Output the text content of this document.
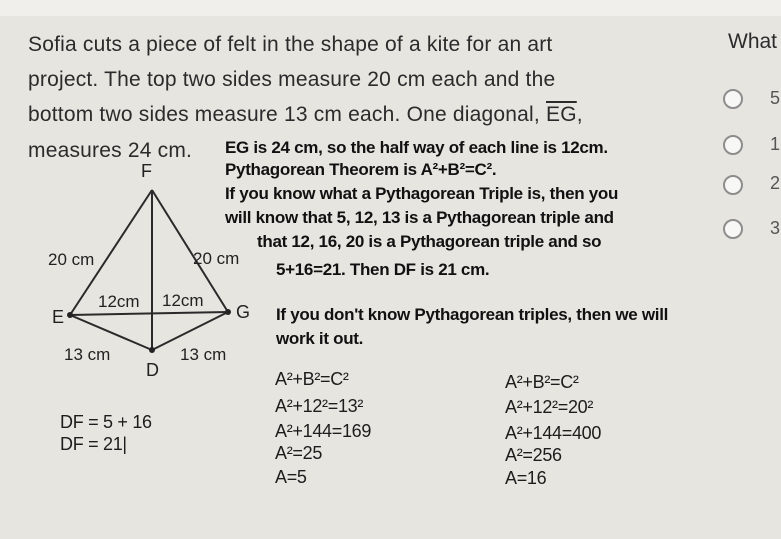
Sofia cuts a piece of felt in the shape of a kite for an art
project. The top two sides measure 20 cm each and the
bottom two sides measure 13 cm each. One diagonal, $\overline{EG}$,
measures 24 cm.
What
5
1
2
3
F
E	G
D
20 cm	20 cm
13 cm	13 cm
12cm 12cm
EG is 24 cm, so the half way of each line is 12cm.
Pythagorean Theorem is A²+B²=C².
If you know what a Pythagorean Triple is, then you
will know that 5, 12, 13 is a Pythagorean triple and
that 12, 16, 20 is a Pythagorean triple and so
5+16=21. Then DF is 21 cm.
If you don't know Pythagorean triples, then we will
work it out.
A²+B²=C²
A²+12²=13²
A²+144=169
A²=25
A=5
A²+B²=C²
A²+12²=20²
A²+144=400
A²=256
A=16
DF = 5 + 16
DF = 21|
